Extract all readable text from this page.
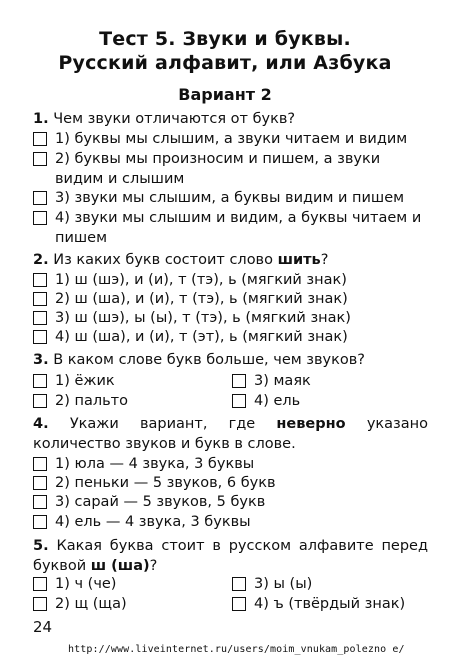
Тест 5. Звуки и буквы.
Русский алфавит, или Азбука
Вариант 2
1. Чем звуки отличаются от букв?
1) буквы мы слышим, а звуки читаем и видим
2) буквы мы произносим и пишем, а звуки видим и слышим
3) звуки мы слышим, а буквы видим и пишем
4) звуки мы слышим и видим, а буквы читаем и пишем
2. Из каких букв состоит слово шить?
1) ш (шэ), и (и), т (тэ), ь (мягкий знак)
2) ш (ша), и (и), т (тэ), ь (мягкий знак)
3) ш (шэ), ы (ы), т (тэ), ь (мягкий знак)
4) ш (ша), и (и), т (эт), ь (мягкий знак)
3. В каком слове букв больше, чем звуков?
1) ёжик
2) пальто
3) маяк
4) ель
4. Укажи вариант, где неверно указано количество звуков и букв в слове.
1) юла — 4 звука, 3 буквы
2) пеньки — 5 звуков, 6 букв
3) сарай — 5 звуков, 5 букв
4) ель — 4 звука, 3 буквы
5. Какая буква стоит в русском алфавите перед буквой ш (ша)?
1) ч (че)
2) щ (ща)
3) ы (ы)
4) ъ (твёрдый знак)
24
http://www.liveinternet.ru/users/moim_vnukam_polezno e/
